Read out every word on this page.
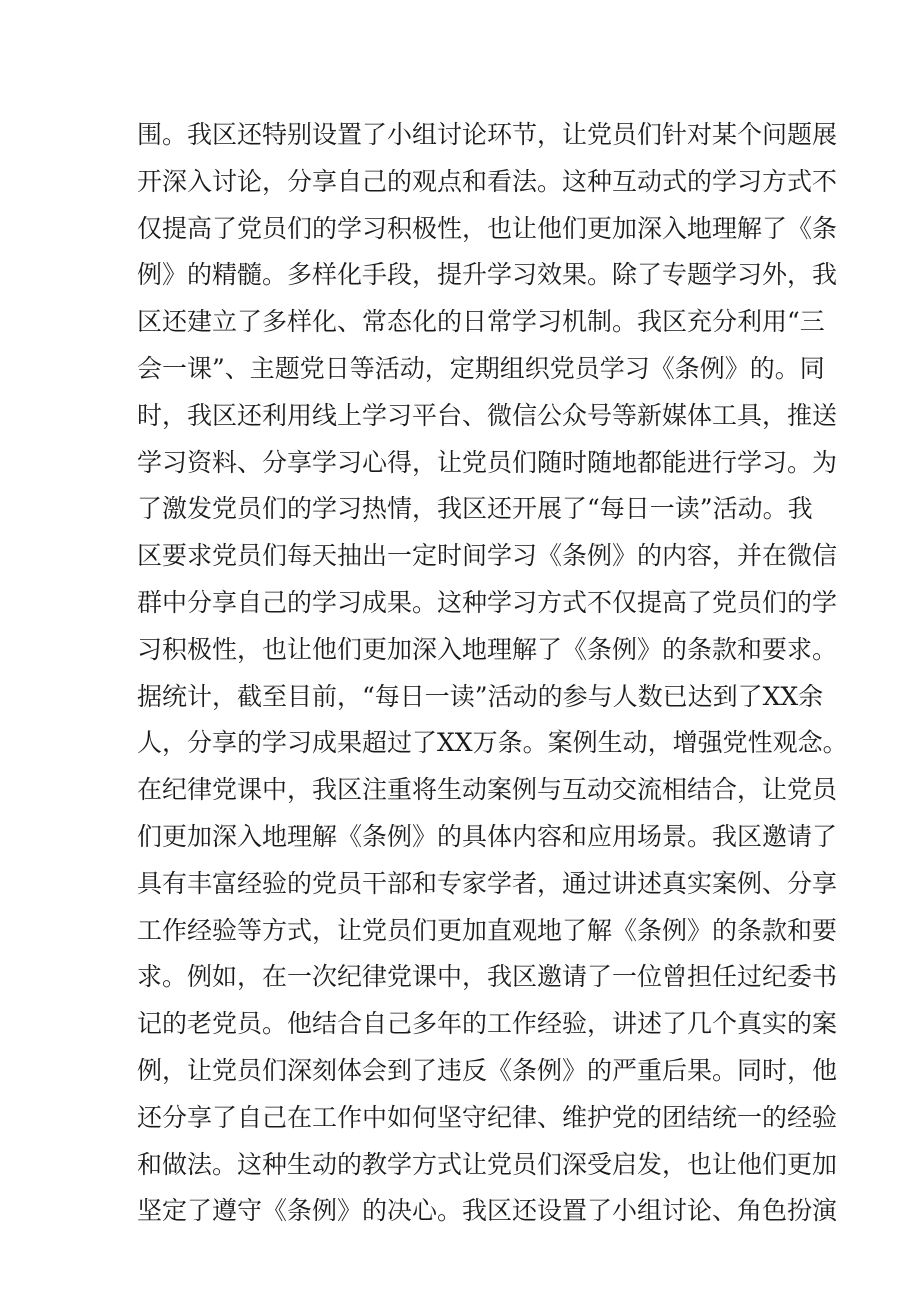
围。我区还特别设置了小组讨论环节，让党员们针对某个问题展
开深入讨论，分享自己的观点和看法。这种互动式的学习方式不
仅提高了党员们的学习积极性，也让他们更加深入地理解了《条
例》的精髓。多样化手段，提升学习效果。除了专题学习外，我
区还建立了多样化、常态化的日常学习机制。我区充分利用“三
会一课”、主题党日等活动，定期组织党员学习《条例》的。同
时，我区还利用线上学习平台、微信公众号等新媒体工具，推送
学习资料、分享学习心得，让党员们随时随地都能进行学习。为
了激发党员们的学习热情，我区还开展了“每日一读”活动。我
区要求党员们每天抽出一定时间学习《条例》的内容，并在微信
群中分享自己的学习成果。这种学习方式不仅提高了党员们的学
习积极性，也让他们更加深入地理解了《条例》的条款和要求。
据统计，截至目前，“每日一读”活动的参与人数已达到了XX余
人，分享的学习成果超过了XX万条。案例生动，增强党性观念。
在纪律党课中，我区注重将生动案例与互动交流相结合，让党员
们更加深入地理解《条例》的具体内容和应用场景。我区邀请了
具有丰富经验的党员干部和专家学者，通过讲述真实案例、分享
工作经验等方式，让党员们更加直观地了解《条例》的条款和要
求。例如，在一次纪律党课中，我区邀请了一位曾担任过纪委书
记的老党员。他结合自己多年的工作经验，讲述了几个真实的案
例，让党员们深刻体会到了违反《条例》的严重后果。同时，他
还分享了自己在工作中如何坚守纪律、维护党的团结统一的经验
和做法。这种生动的教学方式让党员们深受启发，也让他们更加
坚定了遵守《条例》的决心。我区还设置了小组讨论、角色扮演
